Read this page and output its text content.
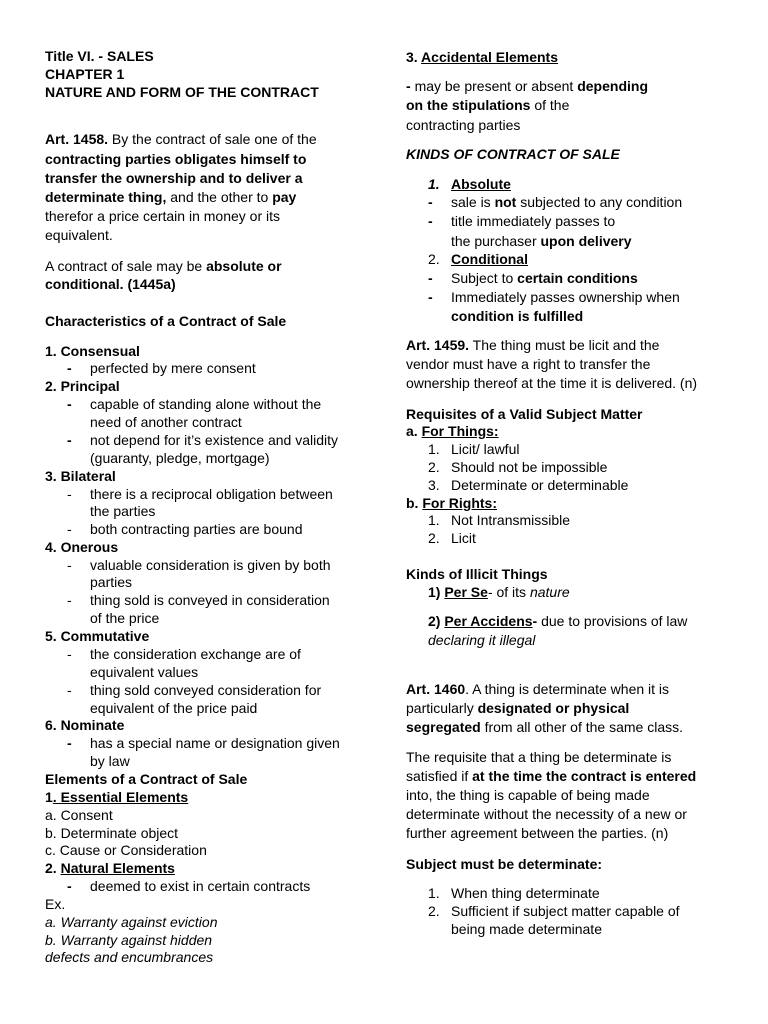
Title VI. - SALES
CHAPTER 1
NATURE AND FORM OF THE CONTRACT
Art. 1458. By the contract of sale one of the
contracting parties obligates himself to
transfer the ownership and to deliver a
determinate thing, and the other to pay
therefor a price certain in money or its
equivalent.
A contract of sale may be absolute or
conditional. (1445a)
Characteristics of a Contract of Sale
1. Consensual
- perfected by mere consent
2. Principal
- capable of standing alone without the
need of another contract
- not depend for it’s existence and validity
(guaranty, pledge, mortgage)
3. Bilateral
- there is a reciprocal obligation between
the parties
- both contracting parties are bound
4. Onerous
- valuable consideration is given by both
parties
- thing sold is conveyed in consideration
of the price
5. Commutative
- the consideration exchange are of
equivalent values
- thing sold conveyed consideration for
equivalent of the price paid
6. Nominate
- has a special name or designation given
by law
Elements of a Contract of Sale
1. Essential Elements
a. Consent
b. Determinate object
c. Cause or Consideration
2. Natural Elements
- deemed to exist in certain contracts
Ex.
a. Warranty against eviction
b. Warranty against hidden
defects and encumbrances
3. Accidental Elements
- may be present or absent depending
on the stipulations of the
contracting parties
KINDS OF CONTRACT OF SALE
1. Absolute
- sale is not subjected to any condition
- title immediately passes to
the purchaser upon delivery
2. Conditional
- Subject to certain conditions
- Immediately passes ownership when
condition is fulfilled
Art. 1459. The thing must be licit and the
vendor must have a right to transfer the
ownership thereof at the time it is delivered. (n)
Requisites of a Valid Subject Matter
a. For Things:
1. Licit/ lawful
2. Should not be impossible
3. Determinate or determinable
b. For Rights:
1. Not Intransmissible
2. Licit
Kinds of Illicit Things
1) Per Se- of its nature
2) Per Accidens- due to provisions of law
declaring it illegal
Art. 1460. A thing is determinate when it is
particularly designated or physical
segregated from all other of the same class.
The requisite that a thing be determinate is
satisfied if at the time the contract is entered
into, the thing is capable of being made
determinate without the necessity of a new or
further agreement between the parties. (n)
Subject must be determinate:
1. When thing determinate
2. Sufficient if subject matter capable of
being made determinate
